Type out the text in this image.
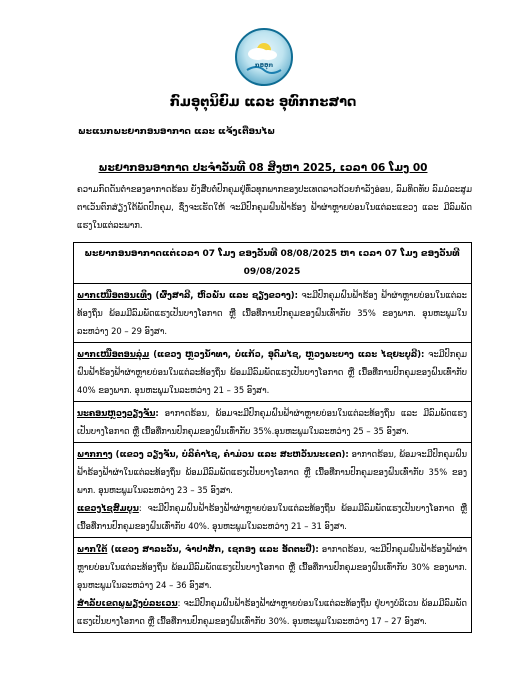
ກອອຸກ
ກົມອຸຕຸນິຍົມ ແລະ ອຸທົກກະສາດ
ພະແນກພະຍາກອນອາກາດ ແລະ ແຈ້ງເຕືອນໄພ
ພະຍາກອນອາກາດ ປະຈຳວັນທີ 08 ສິງຫາ 2025, ເວລາ 06 ໂມງ 00
ຄວາມກົດດັນຕ່ຳຂອງອາກາດຮ້ອນ ຍັງສືບຕໍ່ປົກຄຸມຢູ່ທົ່ວທຸກພາກຂອງປະເທດລາວດ້ວຍກຳລັງອ່ອນ, ລົມທິດທັບ ລົມມໍລະສູມຕາເວັນຕົກສ່ຽງໃຕ້ພັດປົກຄຸມ, ຊຶ່ງຈະເຮັດໃຫ້ ຈະມີປົກຄຸມຝົນຟ້າຮ້ອງ ຟ້າຜ່າຫຼາຍບ່ອນໃນແຕ່ລະແຂວງ ແລະ ມີລົມພັດແຮງໃນແຕ່ລະພາກ.
ພະຍາກອນອາກາດແຕ່ເວລາ 07 ໂມງ ຂອງວັນທີ 08/08/2025 ຫາ ເວລາ 07 ໂມງ ຂອງວັນທີ 09/08/2025
ພາກເໜືອຕອນເທິງ (ຜົ້ງສາລີ, ຫົວພັນ ແລະ ຊຽງຂວາງ): ຈະມີປົກຄຸມຝົນຟ້າຮ້ອງ ຟ້າຜ່າຫຼາຍບ່ອນໃນແຕ່ລະທ້ອງຖິ່ນ ພ້ອມມີລົມພັດແຮງເປັນບາງໂອກາດ ຫຼື ເນື້ອທີ່ການປົກຄຸມຂອງຝົນເທົ່າກັບ 35% ຂອງພາກ. ອຸນຫະພູມໃນລະຫວ່າງ 20 – 29 ອົງສາ.
ພາກເໜືອຕອນລຸ່ມ (ແຂວງ ຫຼວງນ້ຳທາ, ບໍ່ແກ້ວ, ອຸດົມໄຊ, ຫຼວງພະບາງ ແລະ ໄຊຍະບູລີ): ຈະມີປົກຄຸມຝົນຟ້າຮ້ອງຟ້າຜ່າຫຼາຍບ່ອນໃນແຕ່ລະທ້ອງຖິ່ນ ພ້ອມມີລົມພັດແຮງເປັນບາງໂອກາດ ຫຼື ເນື້ອທີ່ການປົກຄຸມຂອງຝົນເທົ່າກັບ 40% ຂອງພາກ. ອຸນຫະພູມໃນລະຫວ່າງ 21 – 35 ອົງສາ.
ນະຄອນຫຼວງວຽງຈັນ: ອາກາດຮ້ອນ, ພ້ອມຈະມີປົກຄຸມຝົນຟ້າຜ່າຫຼາຍບ່ອນໃນແຕ່ລະທ້ອງຖິ່ນ ແລະ ມີລົມພັດແຮງເປັນບາງໂອກາດ ຫຼື ເນື້ອທີ່ການປົກຄຸມຂອງຝົນເທົ່າກັບ 35%.ອຸນຫະພູມໃນລະຫວ່າງ 25 – 35 ອົງສາ.
ພາກກາງ (ແຂວງ ວຽງຈັນ, ບໍລິຄຳໄຊ, ຄຳມ່ວນ ແລະ ສະຫວັນນະເຂດ): ອາກາດຮ້ອນ, ພ້ອມຈະມີປົກຄຸມຝົນຟ້າຮ້ອງຟ້າຜ່າໃນແຕ່ລະທ້ອງຖິ່ນ ພ້ອມມີລົມພັດແຮງເປັນບາງໂອກາດ ຫຼື ເນື້ອທີ່ການປົກຄຸມຂອງຝົນເທົ່າກັບ 35% ຂອງພາກ. ອຸນຫະພູມໃນລະຫວ່າງ 23 – 35 ອົງສາ.
ແຂວງໄຊສົມບູນ: ຈະມີປົກຄຸມຝົນຟ້າຮ້ອງຟ້າຜ່າຫຼາຍບ່ອນໃນແຕ່ລະທ້ອງຖິ່ນ ພ້ອມມີລົມພັດແຮງເປັນບາງໂອກາດ ຫຼື ເນື້ອທີ່ການປົກຄຸມຂອງຝົນເທົ່າກັບ 40%. ອຸນຫະພູມໃນລະຫວ່າງ 21 – 31 ອົງສາ.
ພາກໃຕ້ (ແຂວງ ສາລະວັນ, ຈຳປາສັກ, ເຊກອງ ແລະ ອັດຕະປື): ອາກາດຮ້ອນ, ຈະມີປົກຄຸມຝົນຟ້າຮ້ອງຟ້າຜ່າຫຼາຍບ່ອນໃນແຕ່ລະທ້ອງຖິ່ນ ພ້ອມມີລົມພັດແຮງເປັນບາງໂອກາດ ຫຼື ເນື້ອທີ່ການປົກຄຸມຂອງຝົນເທົ່າກັບ 30% ຂອງພາກ. ອຸນຫະພູມໃນລະຫວ່າງ 24 – 36 ອົງສາ.
ສຳລັບເຂດພູພຽງບໍລະເວນ: ຈະມີປົກຄຸມຝົນຟ້າຮ້ອງຟ້າຜ່າຫຼາຍບ່ອນໃນແຕ່ລະທ້ອງຖິ່ນ ຢູ່ບາງບໍລິເວນ ພ້ອມມີລົມພັດແຮງເປັນບາງໂອກາດ ຫຼື ເນື້ອທີ່ການປົກຄຸມຂອງຝົນເທົ່າກັບ 30%. ອຸນຫະພູມໃນລະຫວ່າງ 17 – 27 ອົງສາ.
